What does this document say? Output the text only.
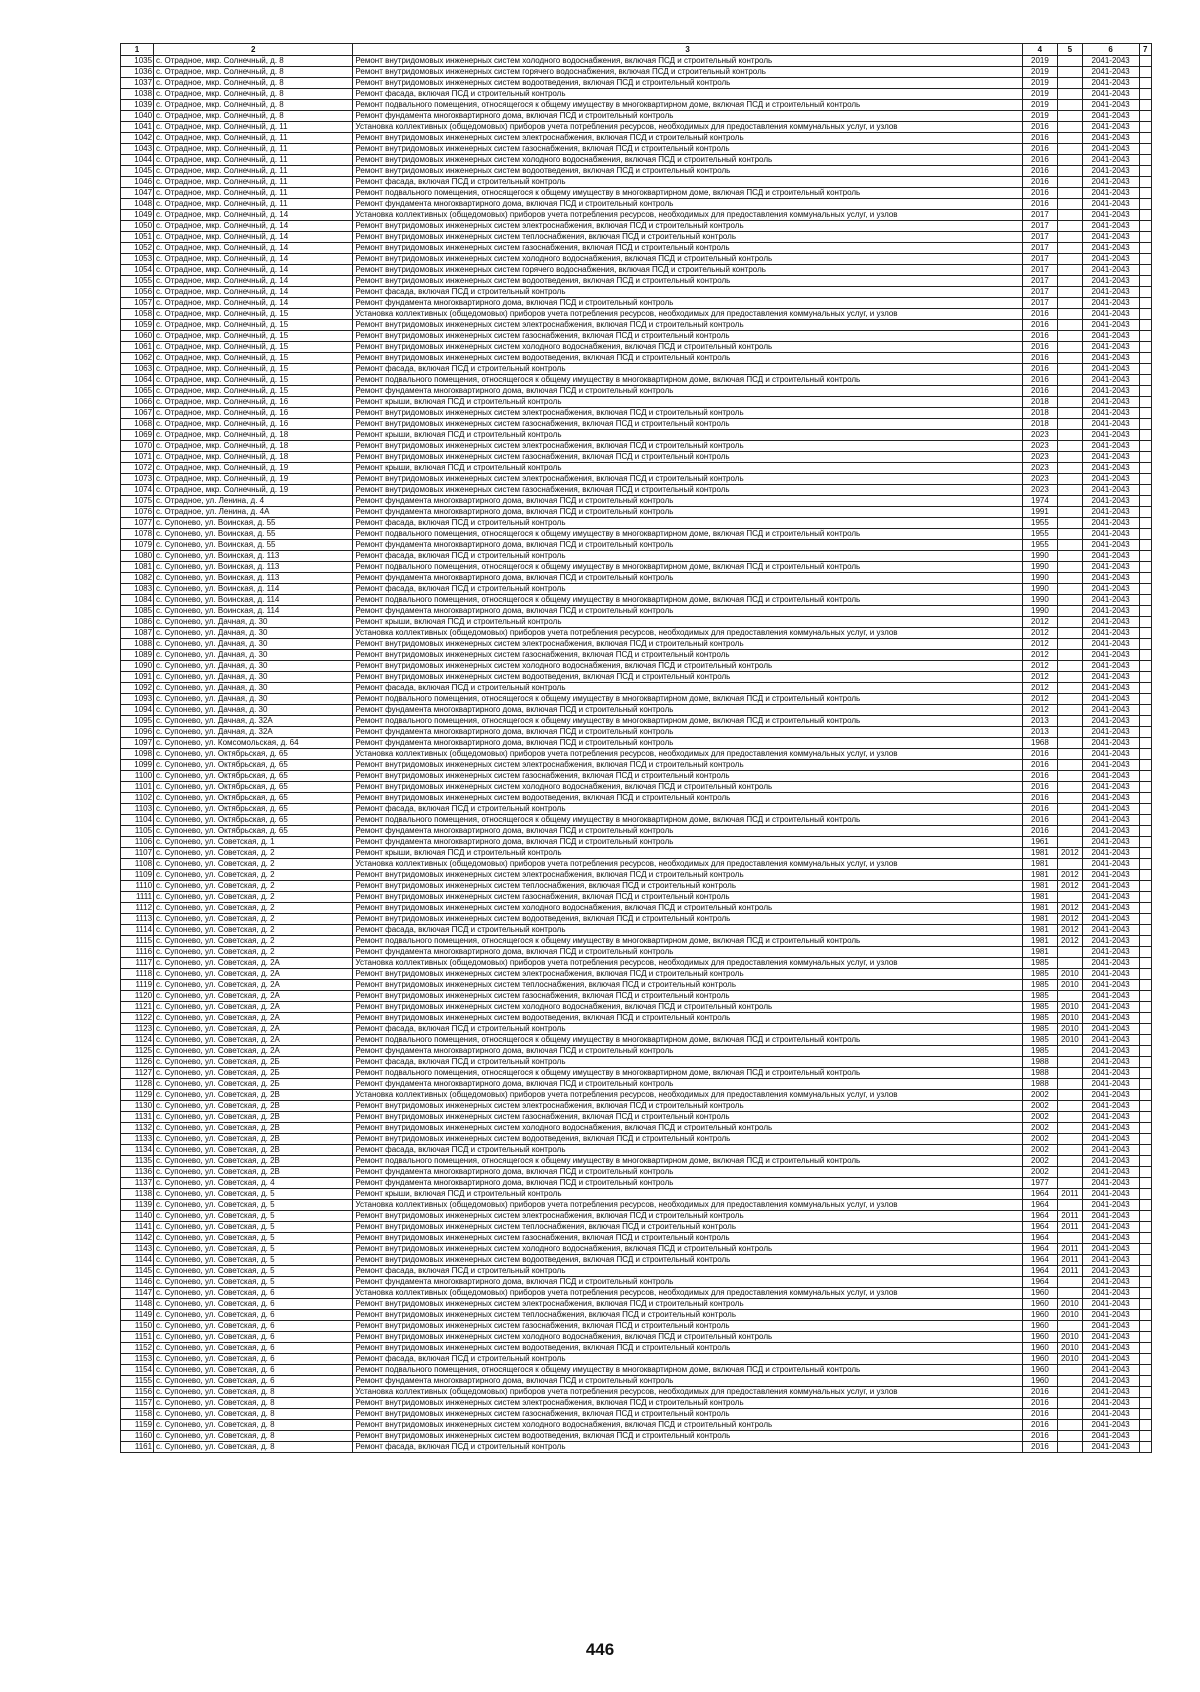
1	2	3	4	5	6	7
1035	с. Отрадное, мкр. Солнечный, д. 8	Ремонт внутридомовых инженерных систем холодного водоснабжения, включая ПСД и строительный контроль	2019		2041-2043	
1036	с. Отрадное, мкр. Солнечный, д. 8	Ремонт внутридомовых инженерных систем горячего водоснабжения, включая ПСД и строительный контроль	2019		2041-2043	
1037	с. Отрадное, мкр. Солнечный, д. 8	Ремонт внутридомовых инженерных систем водоотведения, включая ПСД и строительный контроль	2019		2041-2043	
1038	с. Отрадное, мкр. Солнечный, д. 8	Ремонт фасада, включая ПСД и строительный контроль	2019		2041-2043	
1039	с. Отрадное, мкр. Солнечный, д. 8	Ремонт подвального помещения, относящегося к общему имуществу в многоквартирном доме, включая ПСД и строительный контроль	2019		2041-2043	
1040	с. Отрадное, мкр. Солнечный, д. 8	Ремонт фундамента многоквартирного дома, включая ПСД и строительный контроль	2019		2041-2043	
1041	с. Отрадное, мкр. Солнечный, д. 11	Установка коллективных (общедомовых) приборов учета потребления ресурсов, необходимых для предоставления коммунальных услуг, и узлов	2016		2041-2043	
1042	с. Отрадное, мкр. Солнечный, д. 11	Ремонт внутридомовых инженерных систем электроснабжения, включая ПСД и строительный контроль	2016		2041-2043	
1043	с. Отрадное, мкр. Солнечный, д. 11	Ремонт внутридомовых инженерных систем газоснабжения, включая ПСД и строительный контроль	2016		2041-2043	
1044	с. Отрадное, мкр. Солнечный, д. 11	Ремонт внутридомовых инженерных систем холодного водоснабжения, включая ПСД и строительный контроль	2016		2041-2043	
1045	с. Отрадное, мкр. Солнечный, д. 11	Ремонт внутридомовых инженерных систем водоотведения, включая ПСД и строительный контроль	2016		2041-2043	
1046	с. Отрадное, мкр. Солнечный, д. 11	Ремонт фасада, включая ПСД и строительный контроль	2016		2041-2043	
1047	с. Отрадное, мкр. Солнечный, д. 11	Ремонт подвального помещения, относящегося к общему имуществу в многоквартирном доме, включая ПСД и строительный контроль	2016		2041-2043	
1048	с. Отрадное, мкр. Солнечный, д. 11	Ремонт фундамента многоквартирного дома, включая ПСД и строительный контроль	2016		2041-2043	
1049	с. Отрадное, мкр. Солнечный, д. 14	Установка коллективных (общедомовых) приборов учета потребления ресурсов, необходимых для предоставления коммунальных услуг, и узлов	2017		2041-2043	
1050	с. Отрадное, мкр. Солнечный, д. 14	Ремонт внутридомовых инженерных систем электроснабжения, включая ПСД и строительный контроль	2017		2041-2043	
1051	с. Отрадное, мкр. Солнечный, д. 14	Ремонт внутридомовых инженерных систем теплоснабжения, включая ПСД и строительный контроль	2017		2041-2043	
1052	с. Отрадное, мкр. Солнечный, д. 14	Ремонт внутридомовых инженерных систем газоснабжения, включая ПСД и строительный контроль	2017		2041-2043	
1053	с. Отрадное, мкр. Солнечный, д. 14	Ремонт внутридомовых инженерных систем холодного водоснабжения, включая ПСД и строительный контроль	2017		2041-2043	
1054	с. Отрадное, мкр. Солнечный, д. 14	Ремонт внутридомовых инженерных систем горячего водоснабжения, включая ПСД и строительный контроль	2017		2041-2043	
1055	с. Отрадное, мкр. Солнечный, д. 14	Ремонт внутридомовых инженерных систем водоотведения, включая ПСД и строительный контроль	2017		2041-2043	
1056	с. Отрадное, мкр. Солнечный, д. 14	Ремонт фасада, включая ПСД и строительный контроль	2017		2041-2043	
1057	с. Отрадное, мкр. Солнечный, д. 14	Ремонт фундамента многоквартирного дома, включая ПСД и строительный контроль	2017		2041-2043	
1058	с. Отрадное, мкр. Солнечный, д. 15	Установка коллективных (общедомовых) приборов учета потребления ресурсов, необходимых для предоставления коммунальных услуг, и узлов	2016		2041-2043	
1059	с. Отрадное, мкр. Солнечный, д. 15	Ремонт внутридомовых инженерных систем электроснабжения, включая ПСД и строительный контроль	2016		2041-2043	
1060	с. Отрадное, мкр. Солнечный, д. 15	Ремонт внутридомовых инженерных систем газоснабжения, включая ПСД и строительный контроль	2016		2041-2043	
1061	с. Отрадное, мкр. Солнечный, д. 15	Ремонт внутридомовых инженерных систем холодного водоснабжения, включая ПСД и строительный контроль	2016		2041-2043	
1062	с. Отрадное, мкр. Солнечный, д. 15	Ремонт внутридомовых инженерных систем водоотведения, включая ПСД и строительный контроль	2016		2041-2043	
1063	с. Отрадное, мкр. Солнечный, д. 15	Ремонт фасада, включая ПСД и строительный контроль	2016		2041-2043	
1064	с. Отрадное, мкр. Солнечный, д. 15	Ремонт подвального помещения, относящегося к общему имуществу в многоквартирном доме, включая ПСД и строительный контроль	2016		2041-2043	
1065	с. Отрадное, мкр. Солнечный, д. 15	Ремонт фундамента многоквартирного дома, включая ПСД и строительный контроль	2016		2041-2043	
1066	с. Отрадное, мкр. Солнечный, д. 16	Ремонт крыши, включая ПСД и строительный контроль	2018		2041-2043	
1067	с. Отрадное, мкр. Солнечный, д. 16	Ремонт внутридомовых инженерных систем электроснабжения, включая ПСД и строительный контроль	2018		2041-2043	
1068	с. Отрадное, мкр. Солнечный, д. 16	Ремонт внутридомовых инженерных систем газоснабжения, включая ПСД и строительный контроль	2018		2041-2043	
1069	с. Отрадное, мкр. Солнечный, д. 18	Ремонт крыши, включая ПСД и строительный контроль	2023		2041-2043	
1070	с. Отрадное, мкр. Солнечный, д. 18	Ремонт внутридомовых инженерных систем электроснабжения, включая ПСД и строительный контроль	2023		2041-2043	
1071	с. Отрадное, мкр. Солнечный, д. 18	Ремонт внутридомовых инженерных систем газоснабжения, включая ПСД и строительный контроль	2023		2041-2043	
1072	с. Отрадное, мкр. Солнечный, д. 19	Ремонт крыши, включая ПСД и строительный контроль	2023		2041-2043	
1073	с. Отрадное, мкр. Солнечный, д. 19	Ремонт внутридомовых инженерных систем электроснабжения, включая ПСД и строительный контроль	2023		2041-2043	
1074	с. Отрадное, мкр. Солнечный, д. 19	Ремонт внутридомовых инженерных систем газоснабжения, включая ПСД и строительный контроль	2023		2041-2043	
1075	с. Отрадное, ул. Ленина, д. 4	Ремонт фундамента многоквартирного дома, включая ПСД и строительный контроль	1974		2041-2043	
1076	с. Отрадное, ул. Ленина, д. 4А	Ремонт фундамента многоквартирного дома, включая ПСД и строительный контроль	1991		2041-2043	
1077	с. Супонево, ул. Воинская, д. 55	Ремонт фасада, включая ПСД и строительный контроль	1955		2041-2043	
1078	с. Супонево, ул. Воинская, д. 55	Ремонт подвального помещения, относящегося к общему имуществу в многоквартирном доме, включая ПСД и строительный контроль	1955		2041-2043	
1079	с. Супонево, ул. Воинская, д. 55	Ремонт фундамента многоквартирного дома, включая ПСД и строительный контроль	1955		2041-2043	
1080	с. Супонево, ул. Воинская, д. 113	Ремонт фасада, включая ПСД и строительный контроль	1990		2041-2043	
1081	с. Супонево, ул. Воинская, д. 113	Ремонт подвального помещения, относящегося к общему имуществу в многоквартирном доме, включая ПСД и строительный контроль	1990		2041-2043	
1082	с. Супонево, ул. Воинская, д. 113	Ремонт фундамента многоквартирного дома, включая ПСД и строительный контроль	1990		2041-2043	
1083	с. Супонево, ул. Воинская, д. 114	Ремонт фасада, включая ПСД и строительный контроль	1990		2041-2043	
1084	с. Супонево, ул. Воинская, д. 114	Ремонт подвального помещения, относящегося к общему имуществу в многоквартирном доме, включая ПСД и строительный контроль	1990		2041-2043	
1085	с. Супонево, ул. Воинская, д. 114	Ремонт фундамента многоквартирного дома, включая ПСД и строительный контроль	1990		2041-2043	
1086	с. Супонево, ул. Дачная, д. 30	Ремонт крыши, включая ПСД и строительный контроль	2012		2041-2043	
1087	с. Супонево, ул. Дачная, д. 30	Установка коллективных (общедомовых) приборов учета потребления ресурсов, необходимых для предоставления коммунальных услуг, и узлов	2012		2041-2043	
1088	с. Супонево, ул. Дачная, д. 30	Ремонт внутридомовых инженерных систем электроснабжения, включая ПСД и строительный контроль	2012		2041-2043	
1089	с. Супонево, ул. Дачная, д. 30	Ремонт внутридомовых инженерных систем газоснабжения, включая ПСД и строительный контроль	2012		2041-2043	
1090	с. Супонево, ул. Дачная, д. 30	Ремонт внутридомовых инженерных систем холодного водоснабжения, включая ПСД и строительный контроль	2012		2041-2043	
1091	с. Супонево, ул. Дачная, д. 30	Ремонт внутридомовых инженерных систем водоотведения, включая ПСД и строительный контроль	2012		2041-2043	
1092	с. Супонево, ул. Дачная, д. 30	Ремонт фасада, включая ПСД и строительный контроль	2012		2041-2043	
1093	с. Супонево, ул. Дачная, д. 30	Ремонт подвального помещения, относящегося к общему имуществу в многоквартирном доме, включая ПСД и строительный контроль	2012		2041-2043	
1094	с. Супонево, ул. Дачная, д. 30	Ремонт фундамента многоквартирного дома, включая ПСД и строительный контроль	2012		2041-2043	
1095	с. Супонево, ул. Дачная, д. 32А	Ремонт подвального помещения, относящегося к общему имуществу в многоквартирном доме, включая ПСД и строительный контроль	2013		2041-2043	
1096	с. Супонево, ул. Дачная, д. 32А	Ремонт фундамента многоквартирного дома, включая ПСД и строительный контроль	2013		2041-2043	
1097	с. Супонево, ул. Комсомольская, д. 64	Ремонт фундамента многоквартирного дома, включая ПСД и строительный контроль	1968		2041-2043	
1098	с. Супонево, ул. Октябрьская, д. 65	Установка коллективных (общедомовых) приборов учета потребления ресурсов, необходимых для предоставления коммунальных услуг, и узлов	2016		2041-2043	
1099	с. Супонево, ул. Октябрьская, д. 65	Ремонт внутридомовых инженерных систем электроснабжения, включая ПСД и строительный контроль	2016		2041-2043	
1100	с. Супонево, ул. Октябрьская, д. 65	Ремонт внутридомовых инженерных систем газоснабжения, включая ПСД и строительный контроль	2016		2041-2043	
1101	с. Супонево, ул. Октябрьская, д. 65	Ремонт внутридомовых инженерных систем холодного водоснабжения, включая ПСД и строительный контроль	2016		2041-2043	
1102	с. Супонево, ул. Октябрьская, д. 65	Ремонт внутридомовых инженерных систем водоотведения, включая ПСД и строительный контроль	2016		2041-2043	
1103	с. Супонево, ул. Октябрьская, д. 65	Ремонт фасада, включая ПСД и строительный контроль	2016		2041-2043	
1104	с. Супонево, ул. Октябрьская, д. 65	Ремонт подвального помещения, относящегося к общему имуществу в многоквартирном доме, включая ПСД и строительный контроль	2016		2041-2043	
1105	с. Супонево, ул. Октябрьская, д. 65	Ремонт фундамента многоквартирного дома, включая ПСД и строительный контроль	2016		2041-2043	
1106	с. Супонево, ул. Советская, д. 1	Ремонт фундамента многоквартирного дома, включая ПСД и строительный контроль	1961		2041-2043	
1107	с. Супонево, ул. Советская, д. 2	Ремонт крыши, включая ПСД и строительный контроль	1981	2012	2041-2043	
1108	с. Супонево, ул. Советская, д. 2	Установка коллективных (общедомовых) приборов учета потребления ресурсов, необходимых для предоставления коммунальных услуг, и узлов	1981		2041-2043	
1109	с. Супонево, ул. Советская, д. 2	Ремонт внутридомовых инженерных систем электроснабжения, включая ПСД и строительный контроль	1981	2012	2041-2043	
1110	с. Супонево, ул. Советская, д. 2	Ремонт внутридомовых инженерных систем теплоснабжения, включая ПСД и строительный контроль	1981	2012	2041-2043	
1111	с. Супонево, ул. Советская, д. 2	Ремонт внутридомовых инженерных систем газоснабжения, включая ПСД и строительный контроль	1981		2041-2043	
1112	с. Супонево, ул. Советская, д. 2	Ремонт внутридомовых инженерных систем холодного водоснабжения, включая ПСД и строительный контроль	1981	2012	2041-2043	
1113	с. Супонево, ул. Советская, д. 2	Ремонт внутридомовых инженерных систем водоотведения, включая ПСД и строительный контроль	1981	2012	2041-2043	
1114	с. Супонево, ул. Советская, д. 2	Ремонт фасада, включая ПСД и строительный контроль	1981	2012	2041-2043	
1115	с. Супонево, ул. Советская, д. 2	Ремонт подвального помещения, относящегося к общему имуществу в многоквартирном доме, включая ПСД и строительный контроль	1981	2012	2041-2043	
1116	с. Супонево, ул. Советская, д. 2	Ремонт фундамента многоквартирного дома, включая ПСД и строительный контроль	1981		2041-2043	
1117	с. Супонево, ул. Советская, д. 2А	Установка коллективных (общедомовых) приборов учета потребления ресурсов, необходимых для предоставления коммунальных услуг, и узлов	1985		2041-2043	
1118	с. Супонево, ул. Советская, д. 2А	Ремонт внутридомовых инженерных систем электроснабжения, включая ПСД и строительный контроль	1985	2010	2041-2043	
1119	с. Супонево, ул. Советская, д. 2А	Ремонт внутридомовых инженерных систем теплоснабжения, включая ПСД и строительный контроль	1985	2010	2041-2043	
1120	с. Супонево, ул. Советская, д. 2А	Ремонт внутридомовых инженерных систем газоснабжения, включая ПСД и строительный контроль	1985		2041-2043	
1121	с. Супонево, ул. Советская, д. 2А	Ремонт внутридомовых инженерных систем холодного водоснабжения, включая ПСД и строительный контроль	1985	2010	2041-2043	
1122	с. Супонево, ул. Советская, д. 2А	Ремонт внутридомовых инженерных систем водоотведения, включая ПСД и строительный контроль	1985	2010	2041-2043	
1123	с. Супонево, ул. Советская, д. 2А	Ремонт фасада, включая ПСД и строительный контроль	1985	2010	2041-2043	
1124	с. Супонево, ул. Советская, д. 2А	Ремонт подвального помещения, относящегося к общему имуществу в многоквартирном доме, включая ПСД и строительный контроль	1985	2010	2041-2043	
1125	с. Супонево, ул. Советская, д. 2А	Ремонт фундамента многоквартирного дома, включая ПСД и строительный контроль	1985		2041-2043	
1126	с. Супонево, ул. Советская, д. 2Б	Ремонт фасада, включая ПСД и строительный контроль	1988		2041-2043	
1127	с. Супонево, ул. Советская, д. 2Б	Ремонт подвального помещения, относящегося к общему имуществу в многоквартирном доме, включая ПСД и строительный контроль	1988		2041-2043	
1128	с. Супонево, ул. Советская, д. 2Б	Ремонт фундамента многоквартирного дома, включая ПСД и строительный контроль	1988		2041-2043	
1129	с. Супонево, ул. Советская, д. 2В	Установка коллективных (общедомовых) приборов учета потребления ресурсов, необходимых для предоставления коммунальных услуг, и узлов	2002		2041-2043	
1130	с. Супонево, ул. Советская, д. 2В	Ремонт внутридомовых инженерных систем электроснабжения, включая ПСД и строительный контроль	2002		2041-2043	
1131	с. Супонево, ул. Советская, д. 2В	Ремонт внутридомовых инженерных систем газоснабжения, включая ПСД и строительный контроль	2002		2041-2043	
1132	с. Супонево, ул. Советская, д. 2В	Ремонт внутридомовых инженерных систем холодного водоснабжения, включая ПСД и строительный контроль	2002		2041-2043	
1133	с. Супонево, ул. Советская, д. 2В	Ремонт внутридомовых инженерных систем водоотведения, включая ПСД и строительный контроль	2002		2041-2043	
1134	с. Супонево, ул. Советская, д. 2В	Ремонт фасада, включая ПСД и строительный контроль	2002		2041-2043	
1135	с. Супонево, ул. Советская, д. 2В	Ремонт подвального помещения, относящегося к общему имуществу в многоквартирном доме, включая ПСД и строительный контроль	2002		2041-2043	
1136	с. Супонево, ул. Советская, д. 2В	Ремонт фундамента многоквартирного дома, включая ПСД и строительный контроль	2002		2041-2043	
1137	с. Супонево, ул. Советская, д. 4	Ремонт фундамента многоквартирного дома, включая ПСД и строительный контроль	1977		2041-2043	
1138	с. Супонево, ул. Советская, д. 5	Ремонт крыши, включая ПСД и строительный контроль	1964	2011	2041-2043	
1139	с. Супонево, ул. Советская, д. 5	Установка коллективных (общедомовых) приборов учета потребления ресурсов, необходимых для предоставления коммунальных услуг, и узлов	1964		2041-2043	
1140	с. Супонево, ул. Советская, д. 5	Ремонт внутридомовых инженерных систем электроснабжения, включая ПСД и строительный контроль	1964	2011	2041-2043	
1141	с. Супонево, ул. Советская, д. 5	Ремонт внутридомовых инженерных систем теплоснабжения, включая ПСД и строительный контроль	1964	2011	2041-2043	
1142	с. Супонево, ул. Советская, д. 5	Ремонт внутридомовых инженерных систем газоснабжения, включая ПСД и строительный контроль	1964		2041-2043	
1143	с. Супонево, ул. Советская, д. 5	Ремонт внутридомовых инженерных систем холодного водоснабжения, включая ПСД и строительный контроль	1964	2011	2041-2043	
1144	с. Супонево, ул. Советская, д. 5	Ремонт внутридомовых инженерных систем водоотведения, включая ПСД и строительный контроль	1964	2011	2041-2043	
1145	с. Супонево, ул. Советская, д. 5	Ремонт фасада, включая ПСД и строительный контроль	1964	2011	2041-2043	
1146	с. Супонево, ул. Советская, д. 5	Ремонт фундамента многоквартирного дома, включая ПСД и строительный контроль	1964		2041-2043	
1147	с. Супонево, ул. Советская, д. 6	Установка коллективных (общедомовых) приборов учета потребления ресурсов, необходимых для предоставления коммунальных услуг, и узлов	1960		2041-2043	
1148	с. Супонево, ул. Советская, д. 6	Ремонт внутридомовых инженерных систем электроснабжения, включая ПСД и строительный контроль	1960	2010	2041-2043	
1149	с. Супонево, ул. Советская, д. 6	Ремонт внутридомовых инженерных систем теплоснабжения, включая ПСД и строительный контроль	1960	2010	2041-2043	
1150	с. Супонево, ул. Советская, д. 6	Ремонт внутридомовых инженерных систем газоснабжения, включая ПСД и строительный контроль	1960		2041-2043	
1151	с. Супонево, ул. Советская, д. 6	Ремонт внутридомовых инженерных систем холодного водоснабжения, включая ПСД и строительный контроль	1960	2010	2041-2043	
1152	с. Супонево, ул. Советская, д. 6	Ремонт внутридомовых инженерных систем водоотведения, включая ПСД и строительный контроль	1960	2010	2041-2043	
1153	с. Супонево, ул. Советская, д. 6	Ремонт фасада, включая ПСД и строительный контроль	1960	2010	2041-2043	
1154	с. Супонево, ул. Советская, д. 6	Ремонт подвального помещения, относящегося к общему имуществу в многоквартирном доме, включая ПСД и строительный контроль	1960		2041-2043	
1155	с. Супонево, ул. Советская, д. 6	Ремонт фундамента многоквартирного дома, включая ПСД и строительный контроль	1960		2041-2043	
1156	с. Супонево, ул. Советская, д. 8	Установка коллективных (общедомовых) приборов учета потребления ресурсов, необходимых для предоставления коммунальных услуг, и узлов	2016		2041-2043	
1157	с. Супонево, ул. Советская, д. 8	Ремонт внутридомовых инженерных систем электроснабжения, включая ПСД и строительный контроль	2016		2041-2043	
1158	с. Супонево, ул. Советская, д. 8	Ремонт внутридомовых инженерных систем газоснабжения, включая ПСД и строительный контроль	2016		2041-2043	
1159	с. Супонево, ул. Советская, д. 8	Ремонт внутридомовых инженерных систем холодного водоснабжения, включая ПСД и строительный контроль	2016		2041-2043	
1160	с. Супонево, ул. Советская, д. 8	Ремонт внутридомовых инженерных систем водоотведения, включая ПСД и строительный контроль	2016		2041-2043	
1161	с. Супонево, ул. Советская, д. 8	Ремонт фасада, включая ПСД и строительный контроль	2016		2041-2043	
446
